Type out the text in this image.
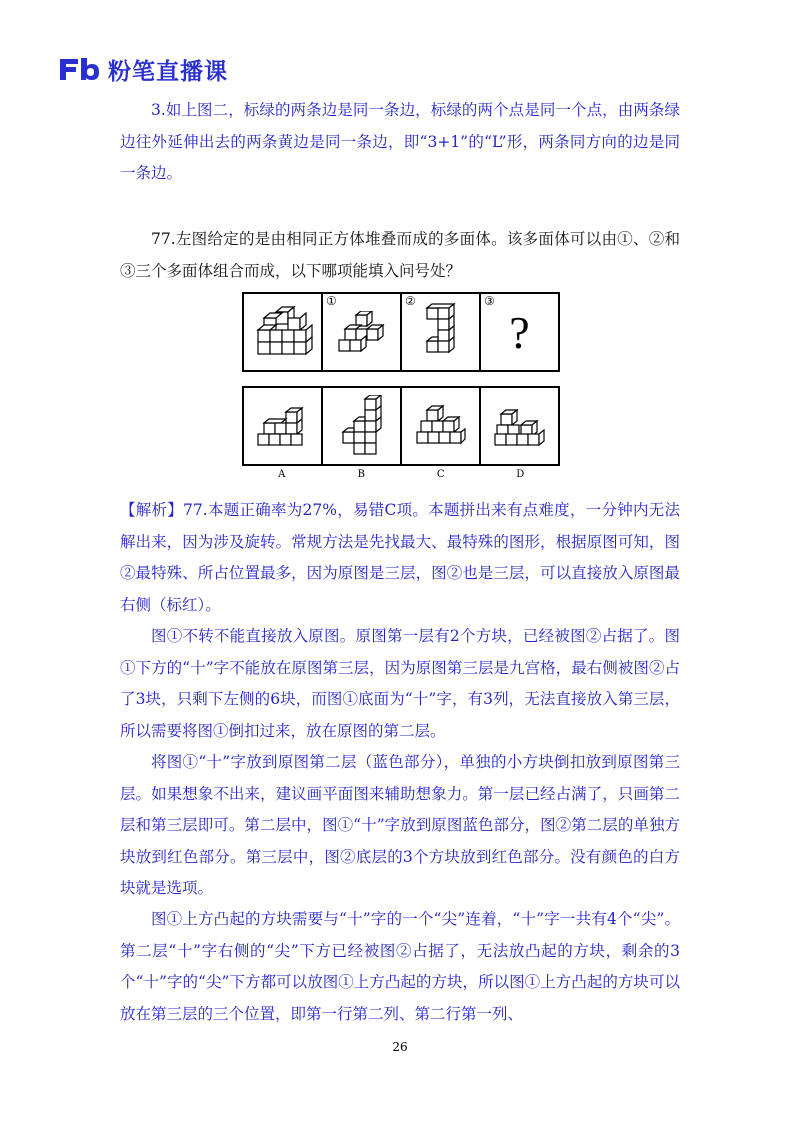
粉笔直播课
3.如上图二，标绿的两条边是同一条边，标绿的两个点是同一个点，由两条绿边往外延伸出去的两条黄边是同一条边，即“3+1”的“L”形，两条同方向的边是同一条边。
77.左图给定的是由相同正方体堆叠而成的多面体。该多面体可以由①、②和③三个多面体组合而成，以下哪项能填入问号处？
①	②	③
?
A	B	C	D
【解析】77.本题正确率为27%，易错C项。本题拼出来有点难度，一分钟内无法解出来，因为涉及旋转。常规方法是先找最大、最特殊的图形，根据原图可知，图②最特殊、所占位置最多，因为原图是三层，图②也是三层，可以直接放入原图最右侧（标红）。
图①不转不能直接放入原图。原图第一层有2个方块，已经被图②占据了。图①下方的“十”字不能放在原图第三层，因为原图第三层是九宫格，最右侧被图②占了3块，只剩下左侧的6块，而图①底面为“十”字，有3列，无法直接放入第三层，所以需要将图①倒扣过来，放在原图的第二层。
将图①“十”字放到原图第二层（蓝色部分），单独的小方块倒扣放到原图第三层。如果想象不出来，建议画平面图来辅助想象力。第一层已经占满了，只画第二层和第三层即可。第二层中，图①“十”字放到原图蓝色部分，图②第二层的单独方块放到红色部分。第三层中，图②底层的3个方块放到红色部分。没有颜色的白方块就是选项。
图①上方凸起的方块需要与“十”字的一个“尖”连着，“十”字一共有4个“尖”。第二层“十”字右侧的“尖”下方已经被图②占据了，无法放凸起的方块，剩余的3个“十”字的“尖”下方都可以放图①上方凸起的方块，所以图①上方凸起的方块可以放在第三层的三个位置，即第一行第二列、第二行第一列、
26
